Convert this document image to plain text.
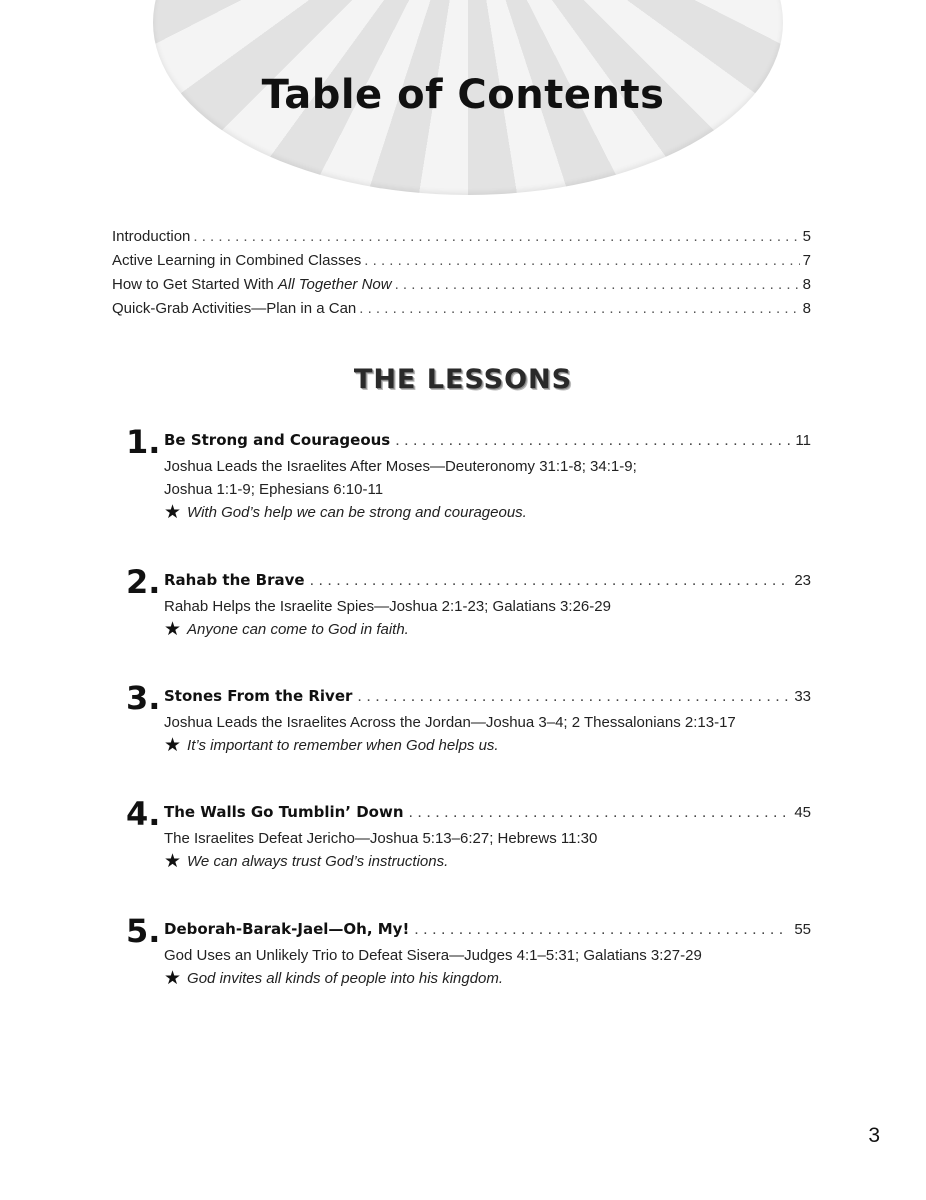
Table of Contents
Introduction . . .	5
Active Learning in Combined Classes . . .	7
How to Get Started With All Together Now . . .	8
Quick-Grab Activities—Plan in a Can . . .	8
THE LESSONS
1. Be Strong and Courageous . . .	11
Joshua Leads the Israelites After Moses—Deuteronomy 31:1-8; 34:1-9;
Joshua 1:1-9; Ephesians 6:10-11
★ With God’s help we can be strong and courageous.
2. Rahab the Brave . . .	23
Rahab Helps the Israelite Spies—Joshua 2:1-23; Galatians 3:26-29
★ Anyone can come to God in faith.
3. Stones From the River . . .	33
Joshua Leads the Israelites Across the Jordan—Joshua 3–4; 2 Thessalonians 2:13-17
★ It’s important to remember when God helps us.
4. The Walls Go Tumblin’ Down . . .	45
The Israelites Defeat Jericho—Joshua 5:13–6:27; Hebrews 11:30
★ We can always trust God’s instructions.
5. Deborah-Barak-Jael—Oh, My! . . .	55
God Uses an Unlikely Trio to Defeat Sisera—Judges 4:1–5:31; Galatians 3:27-29
★ God invites all kinds of people into his kingdom.
3
